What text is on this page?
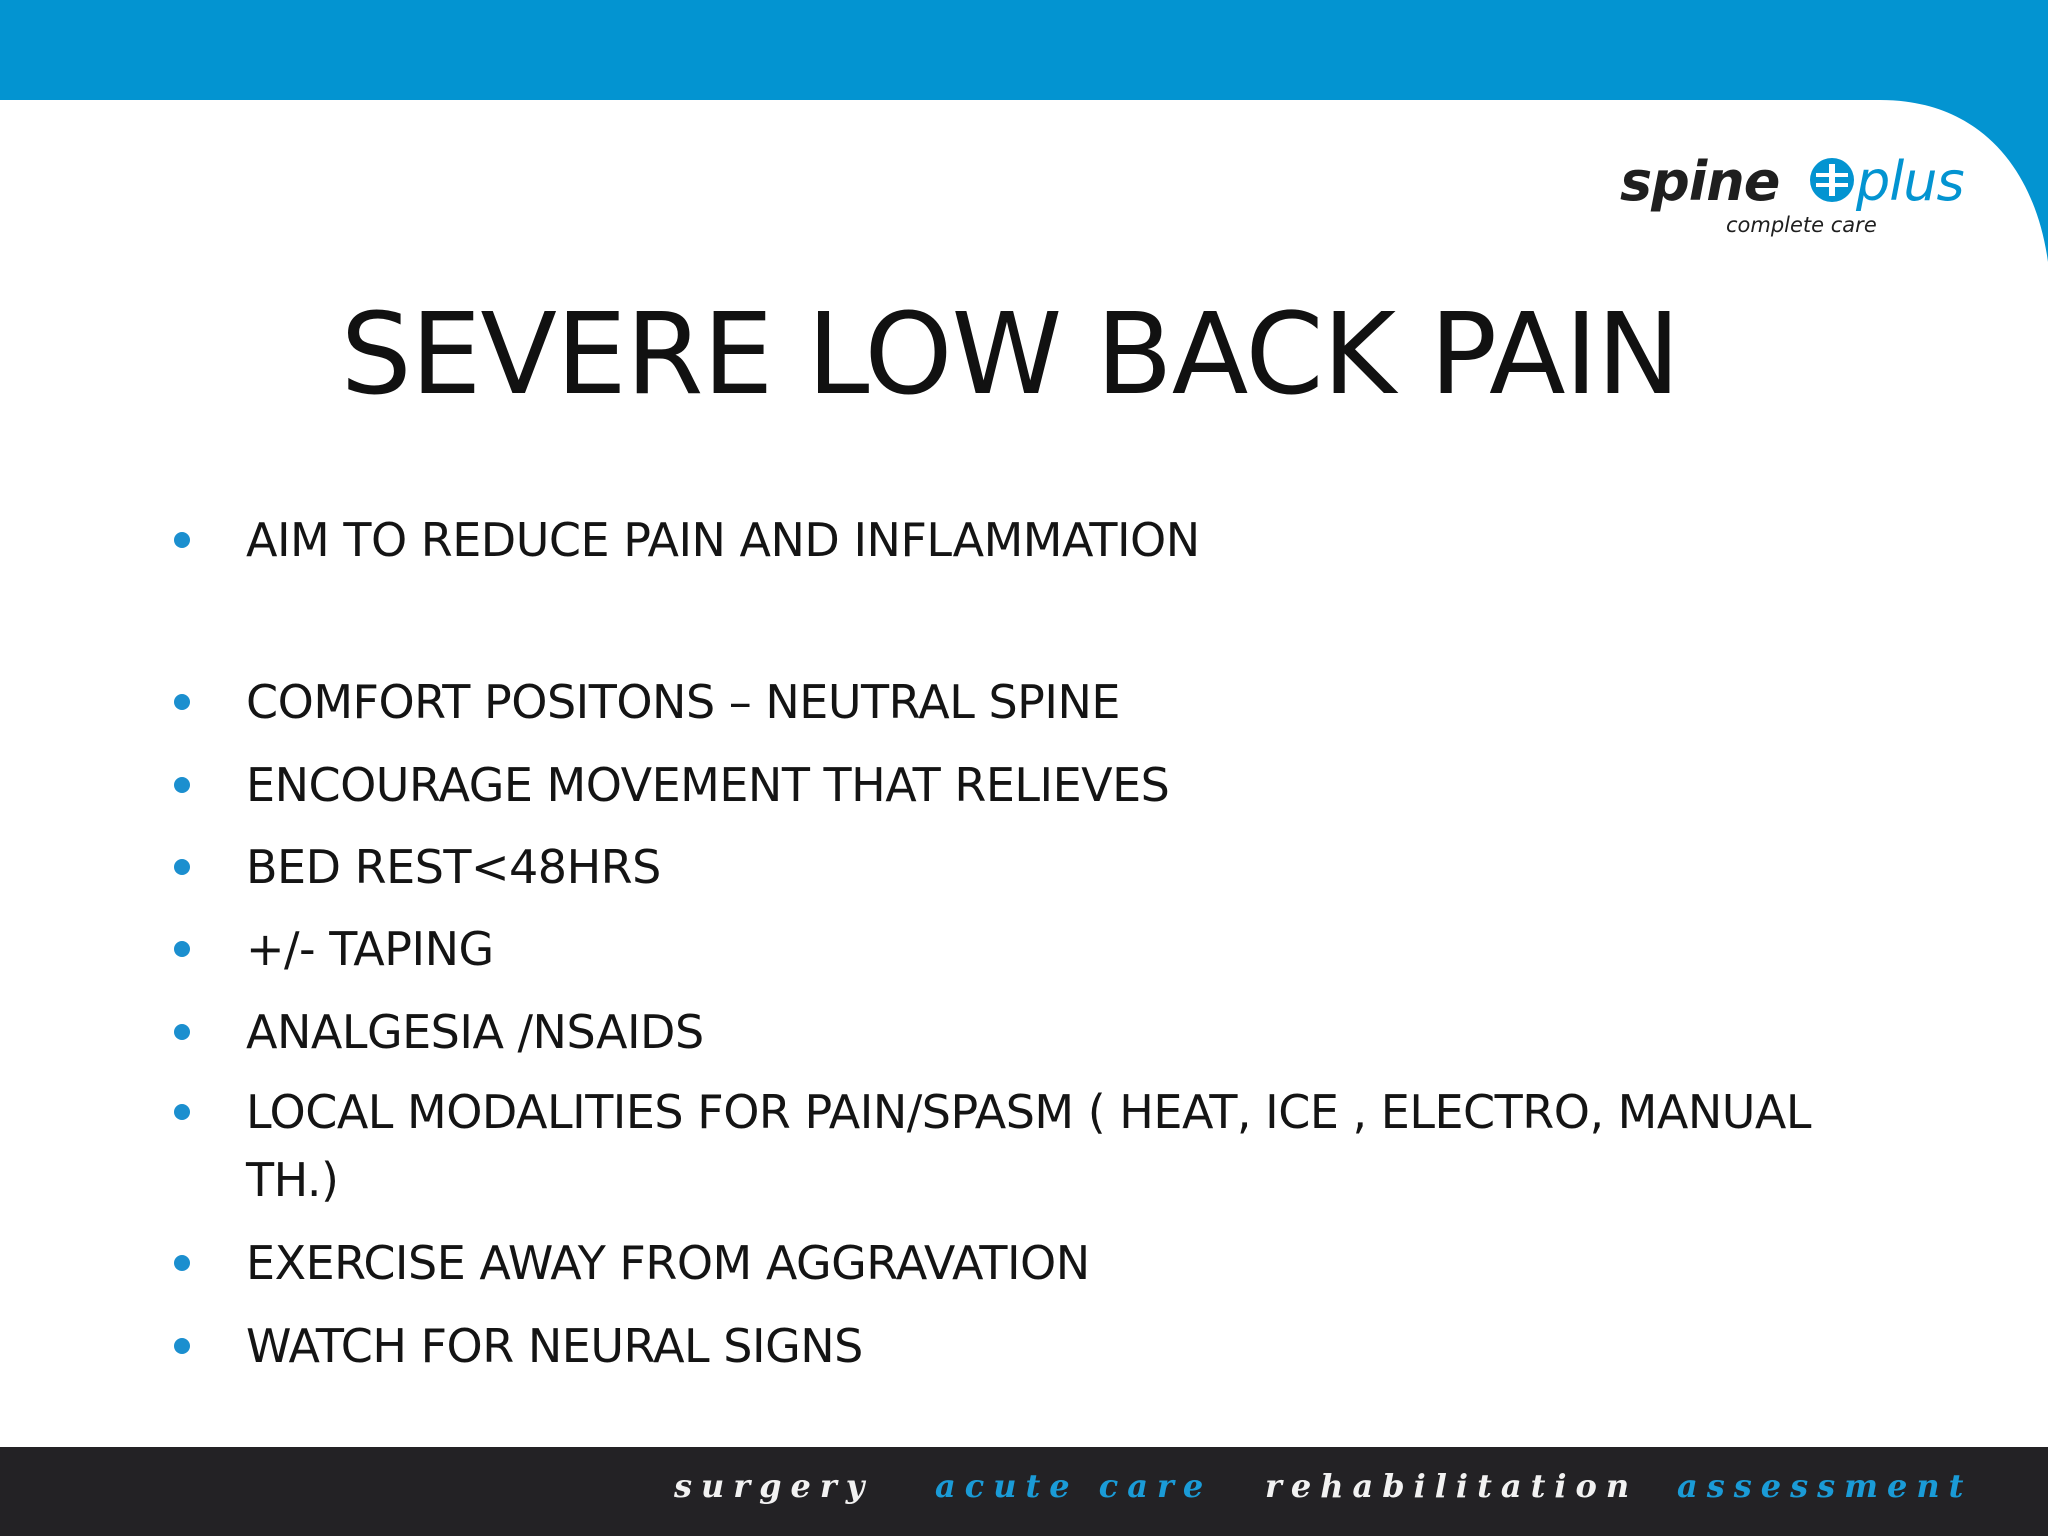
spine plus
complete care
SEVERE LOW BACK PAIN
AIM TO REDUCE PAIN AND INFLAMMATION
COMFORT POSITONS – NEUTRAL SPINE
ENCOURAGE MOVEMENT THAT RELIEVES
BED REST<48HRS
+/- TAPING
ANALGESIA /NSAIDS
LOCAL MODALITIES FOR PAIN/SPASM ( HEAT, ICE , ELECTRO, MANUAL TH.)
EXERCISE AWAY FROM AGGRAVATION
WATCH FOR NEURAL SIGNS
surgery acute care rehabilitation assessment
